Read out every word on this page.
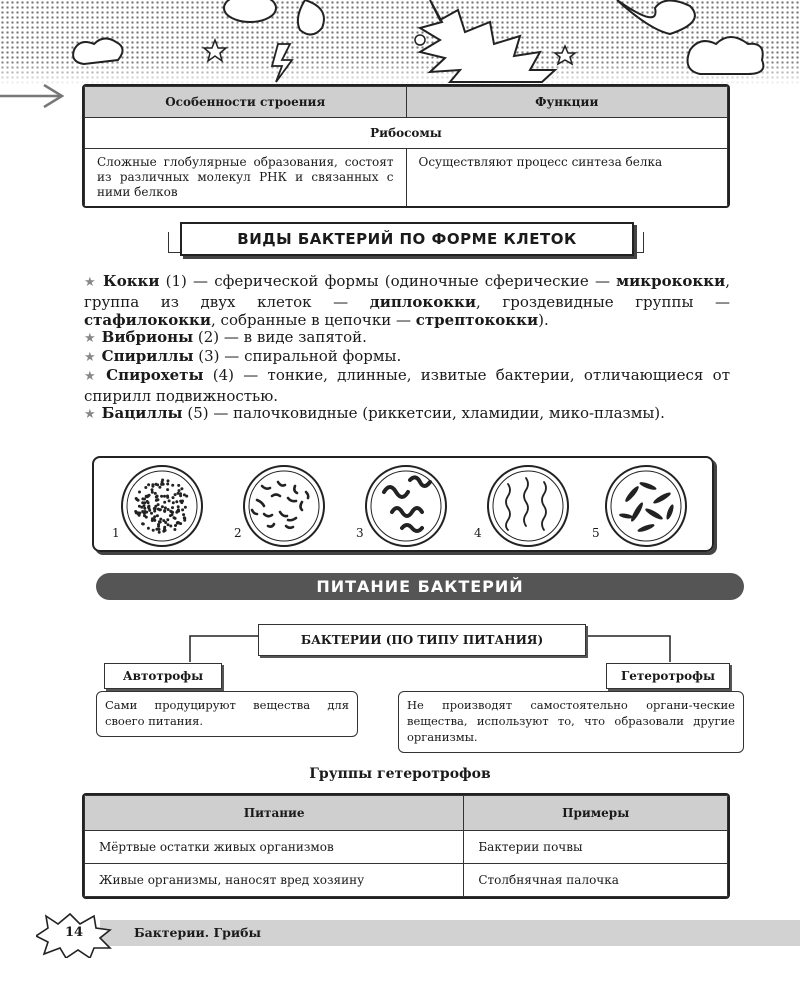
Особенности строения	Функции
Рибосомы	
Сложные глобулярные образования, состоят из различных молекул РНК и связанных с ними белков	Осуществляют процесс синтеза белка
ВИДЫ БАКТЕРИЙ ПО ФОРМЕ КЛЕТОК
★ Кокки (1) — сферической формы (одиночные сферические — микрококки, группа из двух клеток — диплококки, гроздевидные группы — стафилококки, собранные в цепочки — стрептококки).
★ Вибрионы (2) — в виде запятой.
★ Спириллы (3) — спиральной формы.
★ Спирохеты (4) — тонкие, длинные, извитые бактерии, отличающиеся от спирилл подвижностью.
★ Бациллы (5) — палочковидные (риккетсии, хламидии, мико-плазмы).
1	2	3	4	5
ПИТАНИЕ БАКТЕРИЙ
БАКТЕРИИ (ПО ТИПУ ПИТАНИЯ)
Автотрофы
Сами продуцируют вещества для своего питания.
Гетеротрофы
Не производят самостоятельно органи-ческие вещества, используют то, что образовали другие организмы.
Группы гетеротрофов
Питание	Примеры
Мёртвые остатки живых организмов	Бактерии почвы
Живые организмы, наносят вред хозяину	Столбнячная палочка
14	Бактерии. Грибы
